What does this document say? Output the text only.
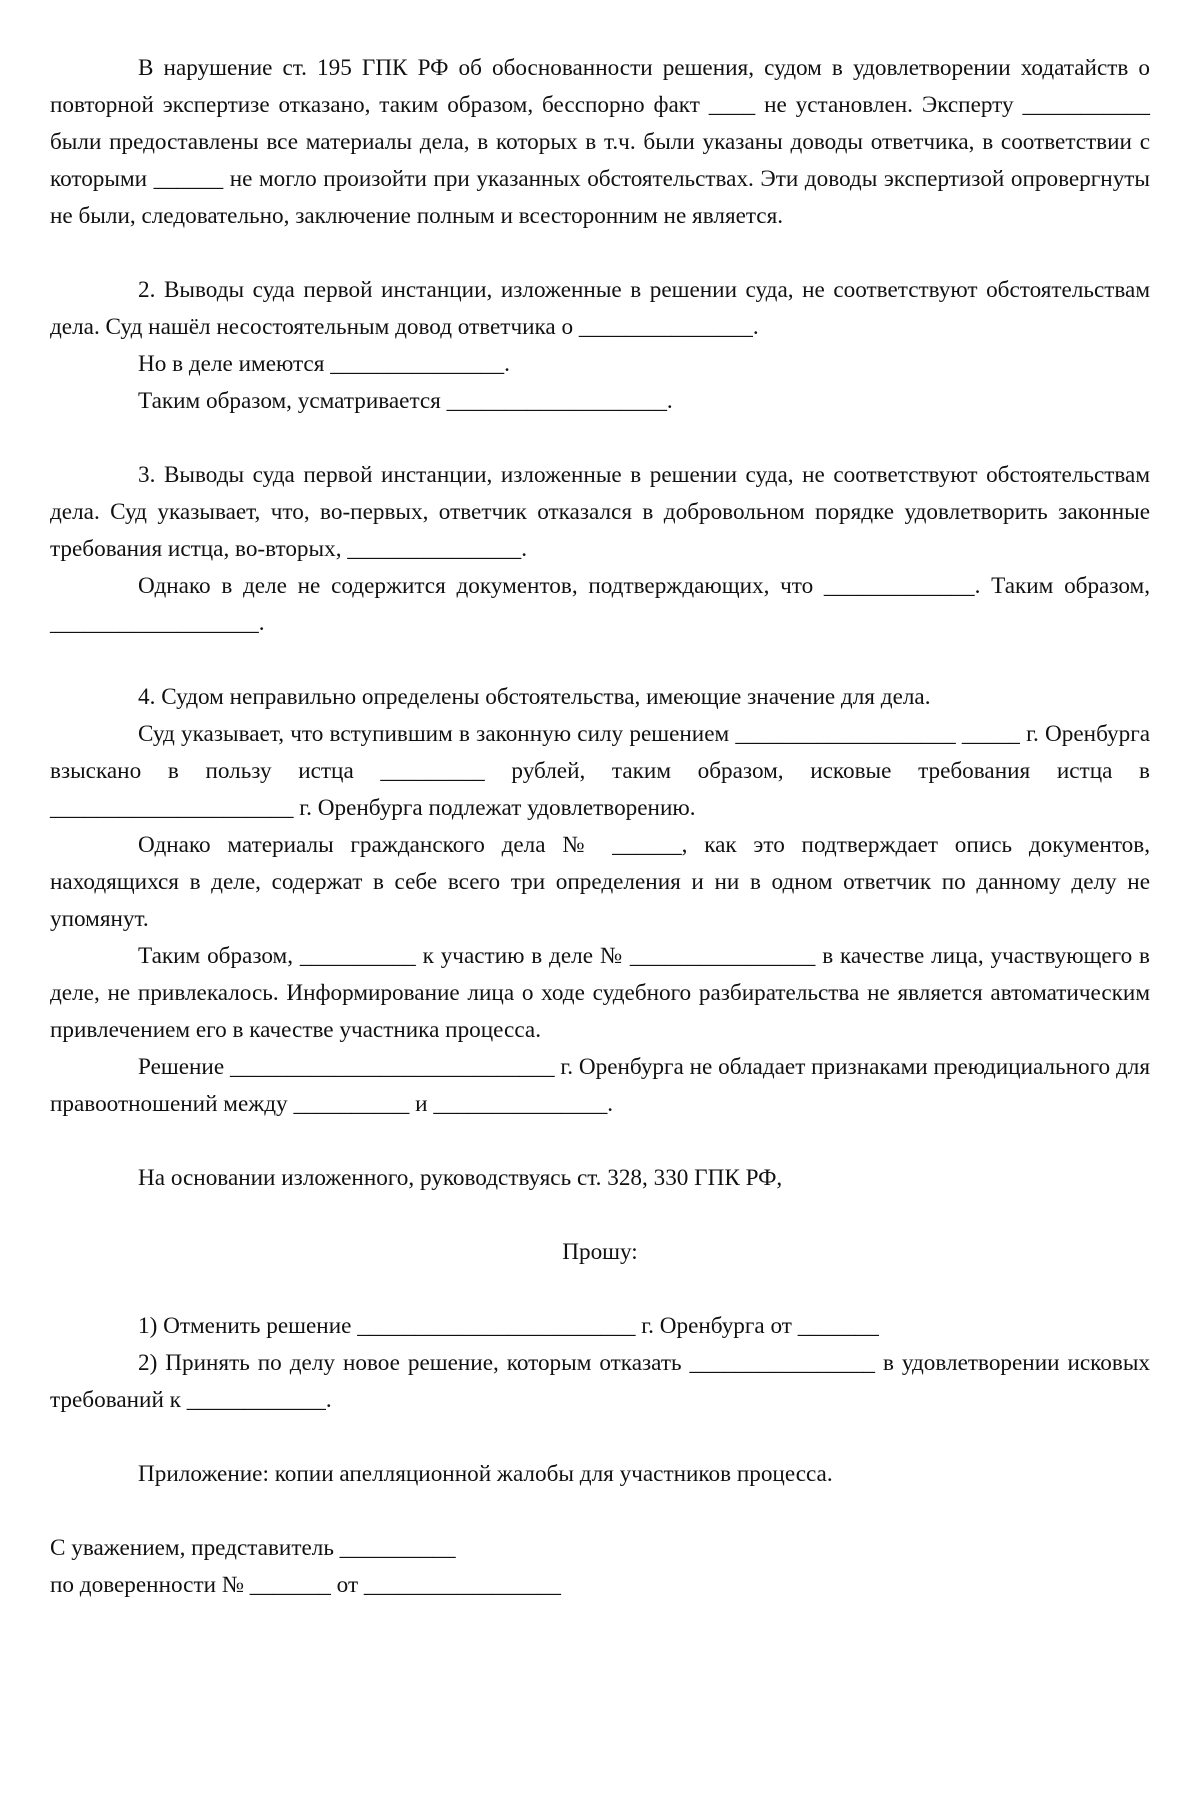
В нарушение ст. 195 ГПК РФ об обоснованности решения, судом в удовлетворении ходатайств о повторной экспертизе отказано, таким образом, бесспорно факт ____ не установлен. Эксперту ___________ были предоставлены все материалы дела, в которых в т.ч. были указаны доводы ответчика, в соответствии с которыми ______ не могло произойти при указанных обстоятельствах. Эти доводы экспертизой опровергнуты не были, следовательно, заключение полным и всесторонним не является.

2. Выводы суда первой инстанции, изложенные в решении суда, не соответствуют обстоятельствам дела. Суд нашёл несостоятельным довод ответчика о _______________.

Но в деле имеются _______________.

Таким образом, усматривается ___________________.

3. Выводы суда первой инстанции, изложенные в решении суда, не соответствуют обстоятельствам дела. Суд указывает, что, во-первых, ответчик отказался в добровольном порядке удовлетворить законные требования истца, во-вторых, _______________.

Однако в деле не содержится документов, подтверждающих, что _____________. Таким образом, __________________.

4. Судом неправильно определены обстоятельства, имеющие значение для дела.

Суд указывает, что вступившим в законную силу решением ___________________ _____ г. Оренбурга взыскано в пользу истца _________ рублей, таким образом, исковые требования истца в _____________________ г. Оренбурга подлежат удовлетворению.

Однако материалы гражданского дела № ______, как это подтверждает опись документов, находящихся в деле, содержат в себе всего три определения и ни в одном ответчик по данному делу не упомянут.

Таким образом, __________ к участию в деле № ________________ в качестве лица, участвующего в деле, не привлекалось. Информирование лица о ходе судебного разбирательства не является автоматическим привлечением его в качестве участника процесса.

Решение ____________________________ г. Оренбурга не обладает признаками преюдициального для правоотношений между __________ и _______________.

На основании изложенного, руководствуясь ст. 328, 330 ГПК РФ,

Прошу:

1) Отменить решение ________________________ г. Оренбурга от _______

2) Принять по делу новое решение, которым отказать ________________ в удовлетворении исковых требований к ____________.

Приложение: копии апелляционной жалобы для участников процесса.

С уважением, представитель __________

по доверенности № _______ от _________________
